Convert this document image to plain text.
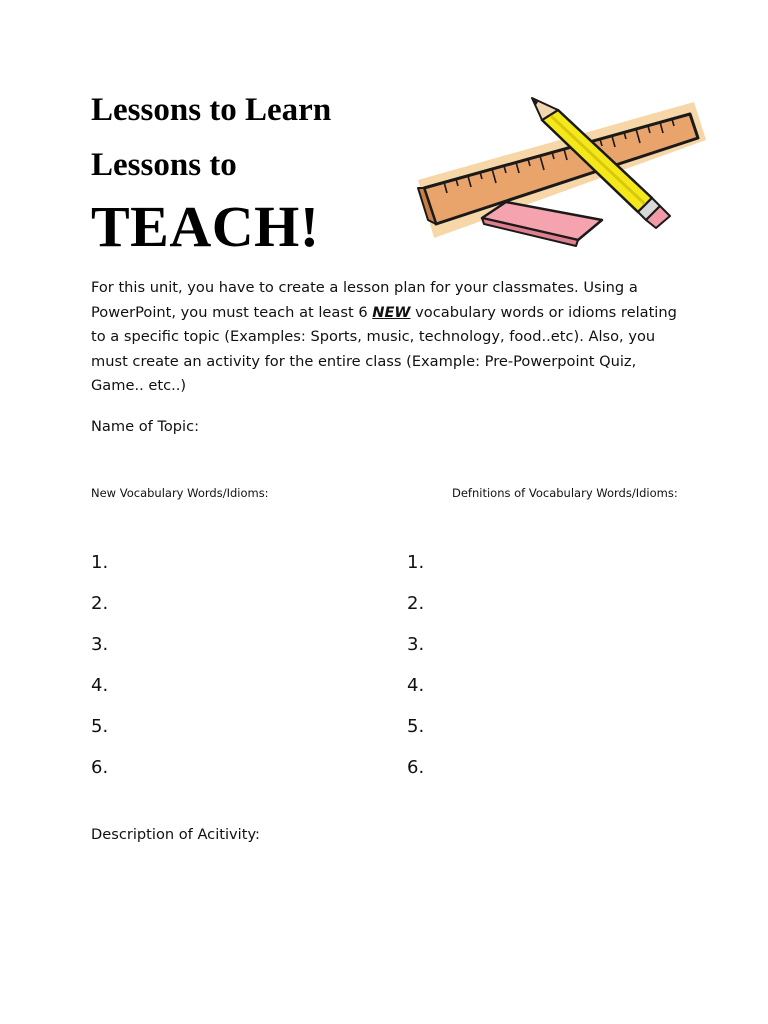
Lessons to Learn
Lessons to
TEACH!

For this unit, you have to create a lesson plan for your classmates. Using a PowerPoint, you must teach at least 6 NEW vocabulary words or idioms relating to a specific topic (Examples: Sports, music, technology, food..etc). Also, you must create an activity for the entire class (Example: Pre-Powerpoint Quiz, Game.. etc..)

Name of Topic:

New Vocabulary Words/Idioms:	Defnitions of Vocabulary Words/Idioms:

1.
2.
3.
4.
5.
6.
1.
2.
3.
4.
5.
6.

Description of Acitivity:
